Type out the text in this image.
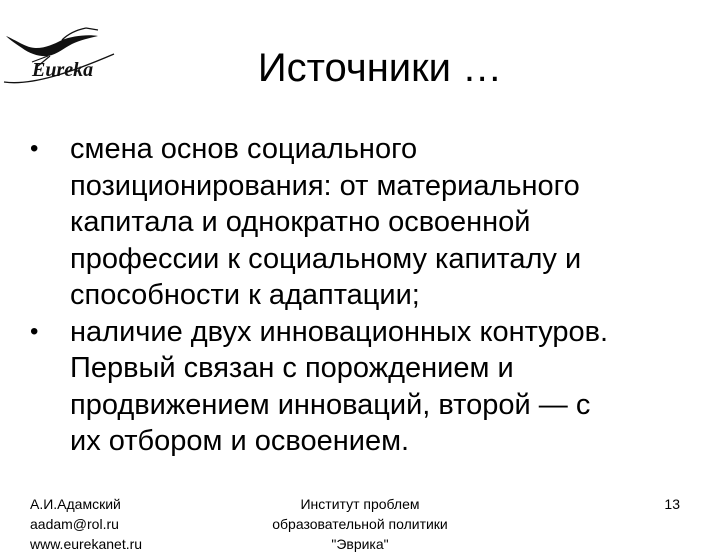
Eureka	Источники …
•	смена основ социального
позиционирования: от материального
капитала и однократно освоенной
профессии к социальному капиталу и
способности к адаптации;
•	наличие двух инновационных контуров.
Первый связан с порождением и
продвижением инноваций, второй — с
их отбором и освоением.
А.И.Адамский
aadam@rol.ru
www.eurekanet.ru
Институт проблем
образовательной политики
"Эврика"
13
